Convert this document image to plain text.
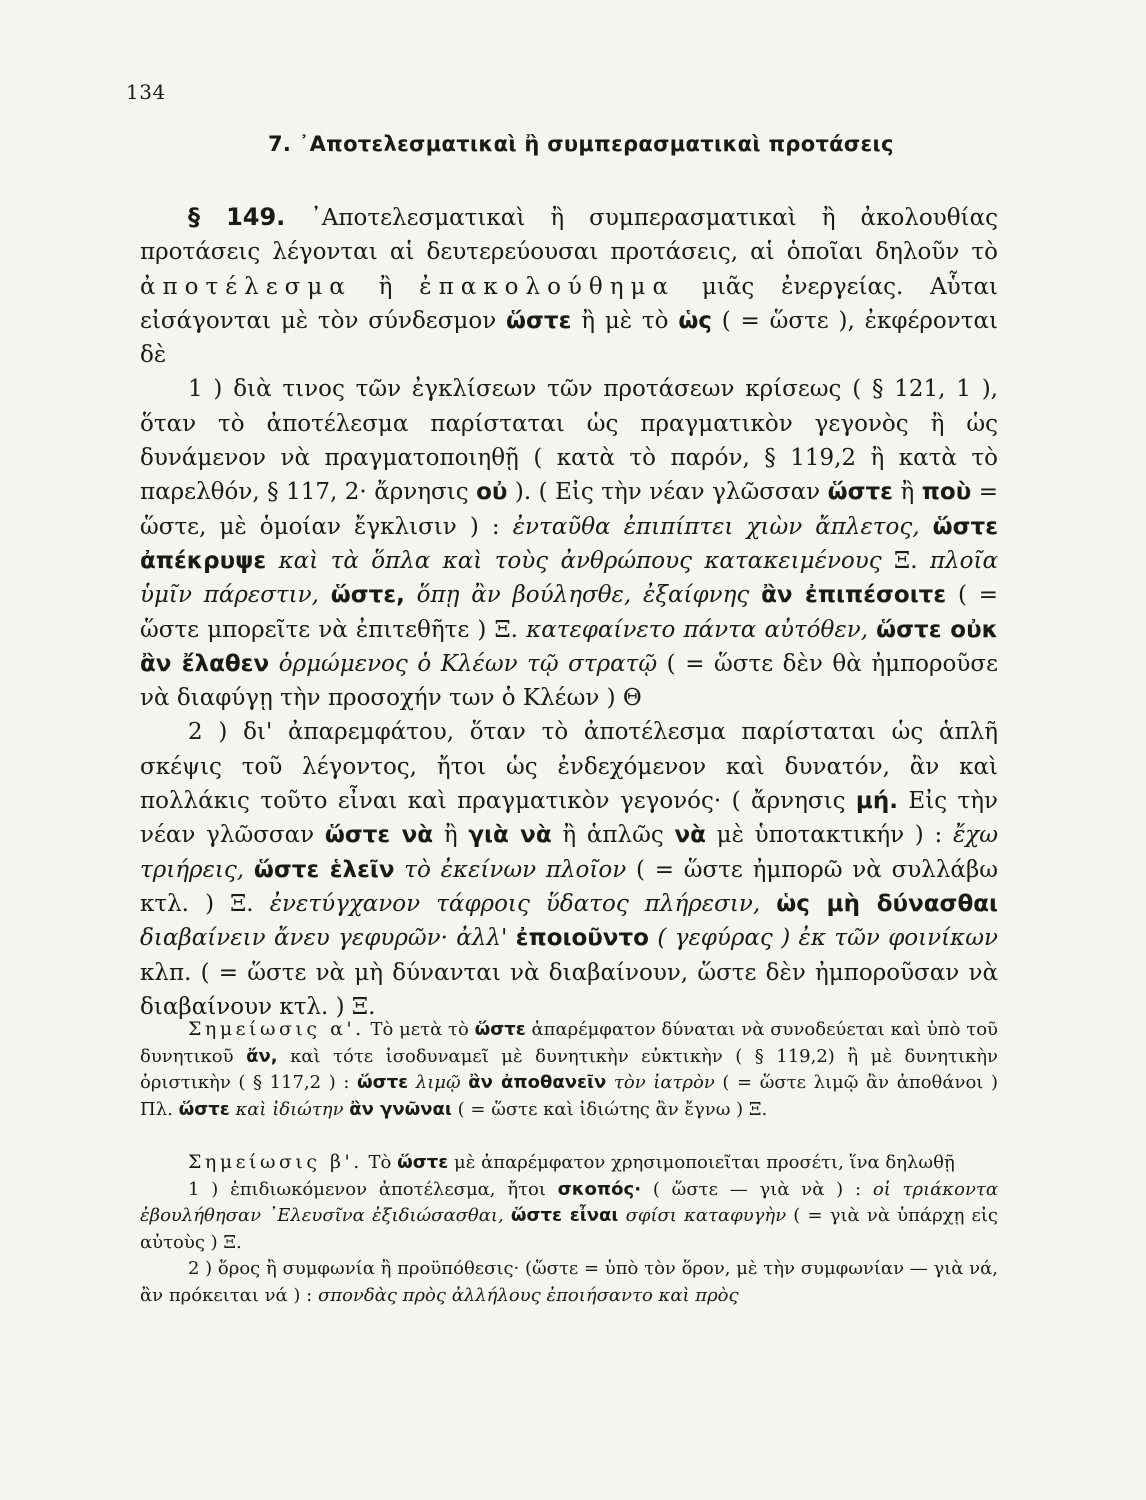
134
7. ᾿Αποτελεσματικαὶ ἢ συμπερασματικαὶ προτάσεις

§ 149. ᾿Αποτελεσματικαὶ ἢ συμπερασματικαὶ ἢ ἀκολουθίας προτάσεις λέγονται αἱ δευτερεύουσαι προτάσεις, αἱ ὁποῖαι δηλοῦν τὸ ἀποτέλεσμα ἢ ἐπακολούθημα μιᾶς ἐνεργείας. Αὗται εἰσάγονται μὲ τὸν σύνδεσμον ὥστε ἢ μὲ τὸ ὡς ( = ὥστε ), ἐκφέρονται δὲ

1 ) διὰ τινος τῶν ἐγκλίσεων τῶν προτάσεων κρίσεως ( § 121, 1 ), ὅταν τὸ ἀποτέλεσμα παρίσταται ὡς πραγματικὸν γεγονὸς ἢ ὡς δυνάμενον νὰ πραγματοποιηθῇ ( κατὰ τὸ παρόν, § 119,2 ἢ κατὰ τὸ παρελθόν, § 117, 2· ἄρνησις οὐ ). ( Εἰς τὴν νέαν γλῶσσαν ὥστε ἢ ποὺ = ὥστε, μὲ ὁμοίαν ἔγκλισιν ) : ἐνταῦθα ἐπιπίπτει χιὼν ἄπλετος, ὥστε ἀπέκρυψε καὶ τὰ ὅπλα καὶ τοὺς ἀνθρώπους κατακειμένους Ξ. πλοῖα ὑμῖν πάρεστιν, ὥστε, ὅπῃ ἂν βούλησθε, ἐξαίφνης ἂν ἐπιπέσοιτε ( = ὥστε μπορεῖτε νὰ ἐπιτεθῆτε ) Ξ. κατεφαίνετο πάντα αὐτόθεν, ὥστε οὐκ ἂν ἔλαθεν ὁρμώμενος ὁ Κλέων τῷ στρατῷ ( = ὥστε δὲν θὰ ἠμποροῦσε νὰ διαφύγῃ τὴν προσοχήν των ὁ Κλέων ) Θ

2 ) δι' ἀπαρεμφάτου, ὅταν τὸ ἀποτέλεσμα παρίσταται ὡς ἁπλῆ σκέψις τοῦ λέγοντος, ἤτοι ὡς ἐνδεχόμενον καὶ δυνατόν, ἂν καὶ πολλάκις τοῦτο εἶναι καὶ πραγματικὸν γεγονός· ( ἄρνησις μή. Εἰς τὴν νέαν γλῶσσαν ὥστε νὰ ἢ γιὰ νὰ ἢ ἁπλῶς νὰ μὲ ὑποτακτικήν ) : ἔχω τριήρεις, ὥστε ἑλεῖν τὸ ἐκείνων πλοῖον ( = ὥστε ἠμπορῶ νὰ συλλάβω κτλ. ) Ξ. ἐνετύγχανον τάφροις ὕδατος πλήρεσιν, ὡς μὴ δύνασθαι διαβαίνειν ἄνευ γεφυρῶν· ἀλλ' ἐποιοῦντο ( γεφύρας ) ἐκ τῶν φοινίκων κλπ. ( = ὥστε νὰ μὴ δύνανται νὰ διαβαίνουν, ὥστε δὲν ἠμποροῦσαν νὰ διαβαίνουν κτλ. ) Ξ.

Σημείωσις α'. Τὸ μετὰ τὸ ὥστε ἀπαρέμφατον δύναται νὰ συνοδεύεται καὶ ὑπὸ τοῦ δυνητικοῦ ἄν, καὶ τότε ἰσοδυναμεῖ μὲ δυνητικὴν εὐκτικὴν ( § 119,2) ἢ μὲ δυνητικὴν ὁριστικὴν ( § 117,2 ) : ὥστε λιμῷ ἂν ἀποθανεῖν τὸν ἰατρὸν ( = ὥστε λιμῷ ἂν ἀποθάνοι ) Πλ. ὥστε καὶ ἰδιώτην ἂν γνῶναι ( = ὥστε καὶ ἰδιώτης ἂν ἔγνω ) Ξ.

Σημείωσις β'. Τὸ ὥστε μὲ ἀπαρέμφατον χρησιμοποιεῖται προσέτι, ἵνα δηλωθῇ

1 ) ἐπιδιωκόμενον ἀποτέλεσμα, ἤτοι σκοπός· ( ὥστε — γιὰ νὰ ) : οἱ τριάκοντα ἐβουλήθησαν ᾿Ελευσῖνα ἐξιδιώσασθαι, ὥστε εἶναι σφίσι καταφυγὴν ( = γιὰ νὰ ὑπάρχῃ εἰς αὐτοὺς ) Ξ.

2 ) ὅρος ἢ συμφωνία ἢ προϋπόθεσις· (ὥστε = ὑπὸ τὸν ὅρον, μὲ τὴν συμφωνίαν — γιὰ νά, ἂν πρόκειται νά ) : σπονδὰς πρὸς ἀλλήλους ἐποιήσαντο καὶ πρὸς
